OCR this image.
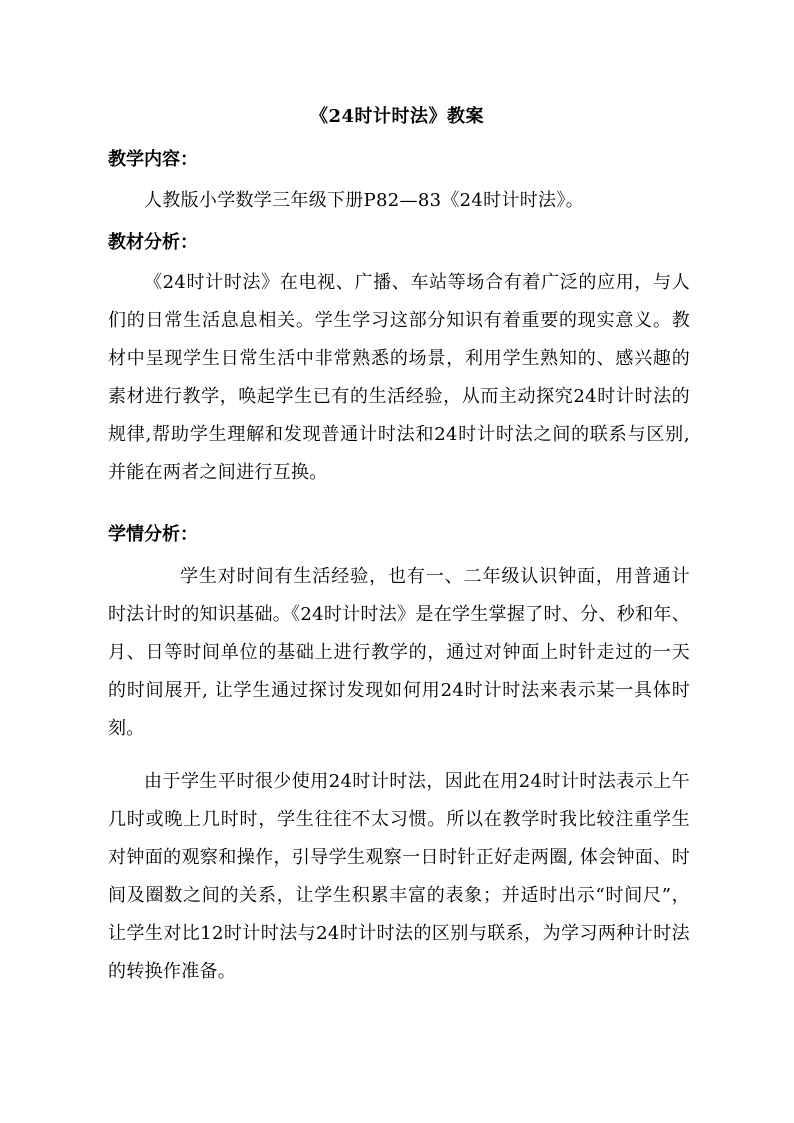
《24时计时法》教案
教学内容：
人教版小学数学三年级下册P82—83《24时计时法》。
教材分析：
《24时计时法》在电视、广播、车站等场合有着广泛的应用，与人们的日常生活息息相关。学生学习这部分知识有着重要的现实意义。教材中呈现学生日常生活中非常熟悉的场景，利用学生熟知的、感兴趣的素材进行教学，唤起学生已有的生活经验，从而主动探究24时计时法的规律,帮助学生理解和发现普通计时法和24时计时法之间的联系与区别,并能在两者之间进行互换。
学情分析：
学生对时间有生活经验，也有一、二年级认识钟面，用普通计时法计时的知识基础。《24时计时法》是在学生掌握了时、分、秒和年、月、日等时间单位的基础上进行教学的，通过对钟面上时针走过的一天的时间展开, 让学生通过探讨发现如何用24时计时法来表示某一具体时刻。
由于学生平时很少使用24时计时法，因此在用24时计时法表示上午几时或晚上几时时，学生往往不太习惯。所以在教学时我比较注重学生对钟面的观察和操作，引导学生观察一日时针正好走两圈, 体会钟面、时间及圈数之间的关系，让学生积累丰富的表象；并适时出示“时间尺”，让学生对比12时计时法与24时计时法的区别与联系，为学习两种计时法的转换作准备。
